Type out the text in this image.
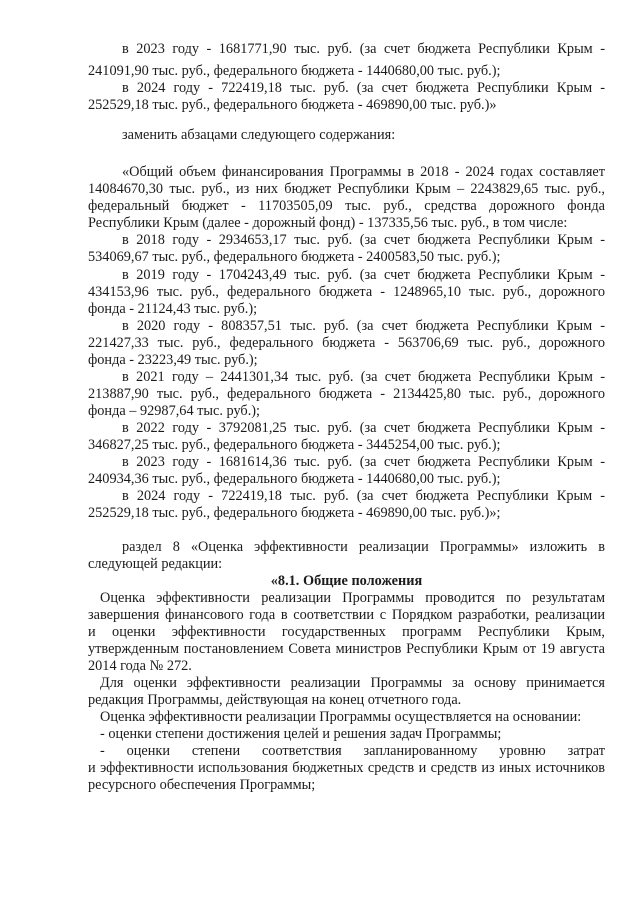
в 2023 году - 1681771,90 тыс. руб. (за счет бюджета Республики Крым -
241091,90 тыс. руб., федерального бюджета - 1440680,00 тыс. руб.);
в 2024 году - 722419,18 тыс. руб. (за счет бюджета Республики Крым -
252529,18 тыс. руб., федерального бюджета - 469890,00 тыс. руб.)»
заменить абзацами следующего содержания:
«Общий объем финансирования Программы в 2018 - 2024 годах составляет
14084670,30 тыс. руб., из них бюджет Республики Крым – 2243829,65 тыс. руб.,
федеральный бюджет - 11703505,09 тыс. руб., средства дорожного фонда
Республики Крым (далее - дорожный фонд) - 137335,56 тыс. руб., в том числе:
в 2018 году - 2934653,17 тыс. руб. (за счет бюджета Республики Крым -
534069,67 тыс. руб., федерального бюджета - 2400583,50 тыс. руб.);
в 2019 году - 1704243,49 тыс. руб. (за счет бюджета Республики Крым -
434153,96 тыс. руб., федерального бюджета - 1248965,10 тыс. руб., дорожного
фонда - 21124,43 тыс. руб.);
в 2020 году - 808357,51 тыс. руб. (за счет бюджета Республики Крым -
221427,33 тыс. руб., федерального бюджета - 563706,69 тыс. руб., дорожного
фонда - 23223,49 тыс. руб.);
в 2021 году – 2441301,34 тыс. руб. (за счет бюджета Республики Крым -
213887,90 тыс. руб., федерального бюджета - 2134425,80 тыс. руб., дорожного
фонда – 92987,64 тыс. руб.);
в 2022 году - 3792081,25 тыс. руб. (за счет бюджета Республики Крым -
346827,25 тыс. руб., федерального бюджета - 3445254,00 тыс. руб.);
в 2023 году - 1681614,36 тыс. руб. (за счет бюджета Республики Крым -
240934,36 тыс. руб., федерального бюджета - 1440680,00 тыс. руб.);
в 2024 году - 722419,18 тыс. руб. (за счет бюджета Республики Крым -
252529,18 тыс. руб., федерального бюджета - 469890,00 тыс. руб.)»;
раздел 8 «Оценка эффективности реализации Программы» изложить в
следующей редакции:
«8.1. Общие положения
Оценка эффективности реализации Программы проводится по результатам
завершения финансового года в соответствии с Порядком разработки, реализации
и оценки эффективности государственных программ Республики Крым,
утвержденным постановлением Совета министров Республики Крым от 19 августа
2014 года № 272.
Для оценки эффективности реализации Программы за основу принимается
редакция Программы, действующая на конец отчетного года.
Оценка эффективности реализации Программы осуществляется на основании:
- оценки степени достижения целей и решения задач Программы;
- оценки степени соответствия запланированному уровню затрат
и эффективности использования бюджетных средств и средств из иных источников
ресурсного обеспечения Программы;
